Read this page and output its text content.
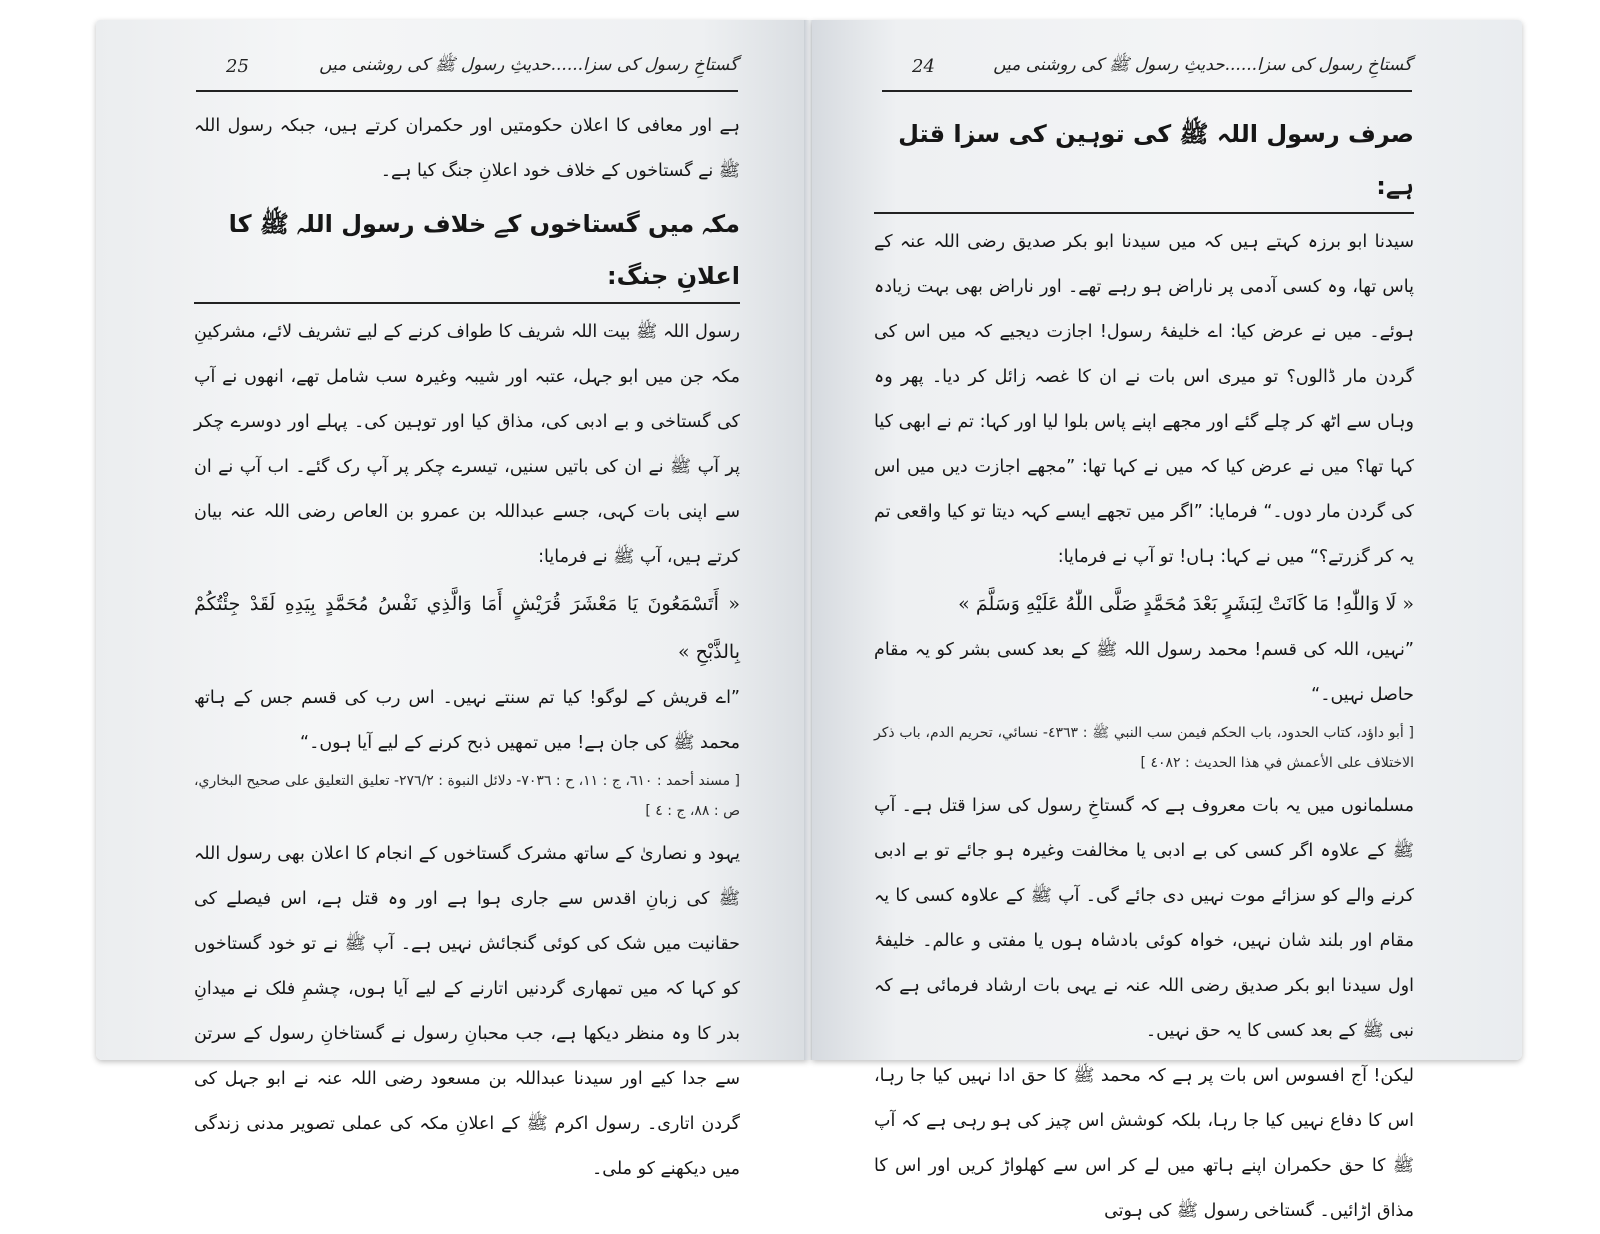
گستاخِ رسول کی سزا......حدیثِ رسول ﷺ کی روشنی میں
25

ہے اور معافی کا اعلان حکومتیں اور حکمران کرتے ہیں، جبکہ رسول اللہ ﷺ نے گستاخوں کے خلاف خود اعلانِ جنگ کیا ہے۔

مکہ میں گستاخوں کے خلاف رسول اللہ ﷺ کا اعلانِ جنگ:

رسول اللہ ﷺ بیت اللہ شریف کا طواف کرنے کے لیے تشریف لائے، مشرکینِ مکہ جن میں ابو جہل، عتبہ اور شیبہ وغیرہ سب شامل تھے، انھوں نے آپ کی گستاخی و بے ادبی کی، مذاق کیا اور توہین کی۔ پہلے اور دوسرے چکر پر آپ ﷺ نے ان کی باتیں سنیں، تیسرے چکر پر آپ رک گئے۔ اب آپ نے ان سے اپنی بات کہی، جسے عبداللہ بن عمرو بن العاص رضی اللہ عنہ بیان کرتے ہیں، آپ ﷺ نے فرمایا:

« أَتَسْمَعُونَ يَا مَعْشَرَ قُرَيْشٍ أَمَا وَالَّذِي نَفْسُ مُحَمَّدٍ بِيَدِهِ لَقَدْ جِئْتُكُمْ بِالذَّبْحِ »

”اے قریش کے لوگو! کیا تم سنتے نہیں۔ اس رب کی قسم جس کے ہاتھ محمد ﷺ کی جان ہے! میں تمھیں ذبح کرنے کے لیے آیا ہوں۔“

[ مسند أحمد : ٦١٠، ج : ١١، ح : ٧٠٣٦- دلائل النبوة : ٢٧٦/٢- تعليق التعليق على صحيح البخاري، ص : ٨٨، ج : ٤ ]

یہود و نصاریٰ کے ساتھ مشرک گستاخوں کے انجام کا اعلان بھی رسول اللہ ﷺ کی زبانِ اقدس سے جاری ہوا ہے اور وہ قتل ہے، اس فیصلے کی حقانیت میں شک کی کوئی گنجائش نہیں ہے۔ آپ ﷺ نے تو خود گستاخوں کو کہا کہ میں تمھاری گردنیں اتارنے کے لیے آیا ہوں، چشمِ فلک نے میدانِ بدر کا وہ منظر دیکھا ہے، جب محبانِ رسول نے گستاخانِ رسول کے سرتن سے جدا کیے اور سیدنا عبداللہ بن مسعود رضی اللہ عنہ نے ابو جہل کی گردن اتاری۔ رسول اکرم ﷺ کے اعلانِ مکہ کی عملی تصویر مدنی زندگی میں دیکھنے کو ملی۔

گستاخِ رسول کی سزا......حدیثِ رسول ﷺ کی روشنی میں
24
صرف رسول اللہ ﷺ کی توہین کی سزا قتل ہے:

سیدنا ابو برزہ کہتے ہیں کہ میں سیدنا ابو بکر صدیق رضی اللہ عنہ کے پاس تھا، وہ کسی آدمی پر ناراض ہو رہے تھے۔ اور ناراض بھی بہت زیادہ ہوئے۔ میں نے عرض کیا: اے خلیفۂ رسول! اجازت دیجیے کہ میں اس کی گردن مار ڈالوں؟ تو میری اس بات نے ان کا غصہ زائل کر دیا۔ پھر وہ وہاں سے اٹھ کر چلے گئے اور مجھے اپنے پاس بلوا لیا اور کہا: تم نے ابھی کیا کہا تھا؟ میں نے عرض کیا کہ میں نے کہا تھا: ”مجھے اجازت دیں میں اس کی گردن مار دوں۔“ فرمایا: ”اگر میں تجھے ایسے کہہ دیتا تو کیا واقعی تم یہ کر گزرتے؟“ میں نے کہا: ہاں! تو آپ نے فرمایا:

« لَا وَاللّٰهِ! مَا كَانَتْ لِبَشَرٍ بَعْدَ مُحَمَّدٍ صَلَّى اللّٰهُ عَلَيْهِ وَسَلَّمَ »

”نہیں، اللہ کی قسم! محمد رسول اللہ ﷺ کے بعد کسی بشر کو یہ مقام حاصل نہیں۔“

[ أبو داؤد، كتاب الحدود، باب الحكم فيمن سب النبي ﷺ : ٤٣٦٣- نسائي، تحريم الدم، باب ذكر الاختلاف على الأعمش في هذا الحديث : ٤٠٨٢ ]

مسلمانوں میں یہ بات معروف ہے کہ گستاخِ رسول کی سزا قتل ہے۔ آپ ﷺ کے علاوہ اگر کسی کی بے ادبی یا مخالفت وغیرہ ہو جائے تو بے ادبی کرنے والے کو سزائے موت نہیں دی جائے گی۔ آپ ﷺ کے علاوہ کسی کا یہ مقام اور بلند شان نہیں، خواہ کوئی بادشاہ ہوں یا مفتی و عالم۔ خلیفۂ اول سیدنا ابو بکر صدیق رضی اللہ عنہ نے یہی بات ارشاد فرمائی ہے کہ نبی ﷺ کے بعد کسی کا یہ حق نہیں۔

لیکن! آج افسوس اس بات پر ہے کہ محمد ﷺ کا حق ادا نہیں کیا جا رہا، اس کا دفاع نہیں کیا جا رہا، بلکہ کوشش اس چیز کی ہو رہی ہے کہ آپ ﷺ کا حق حکمران اپنے ہاتھ میں لے کر اس سے کھلواڑ کریں اور اس کا مذاق اڑائیں۔ گستاخی رسول ﷺ کی ہوتی
